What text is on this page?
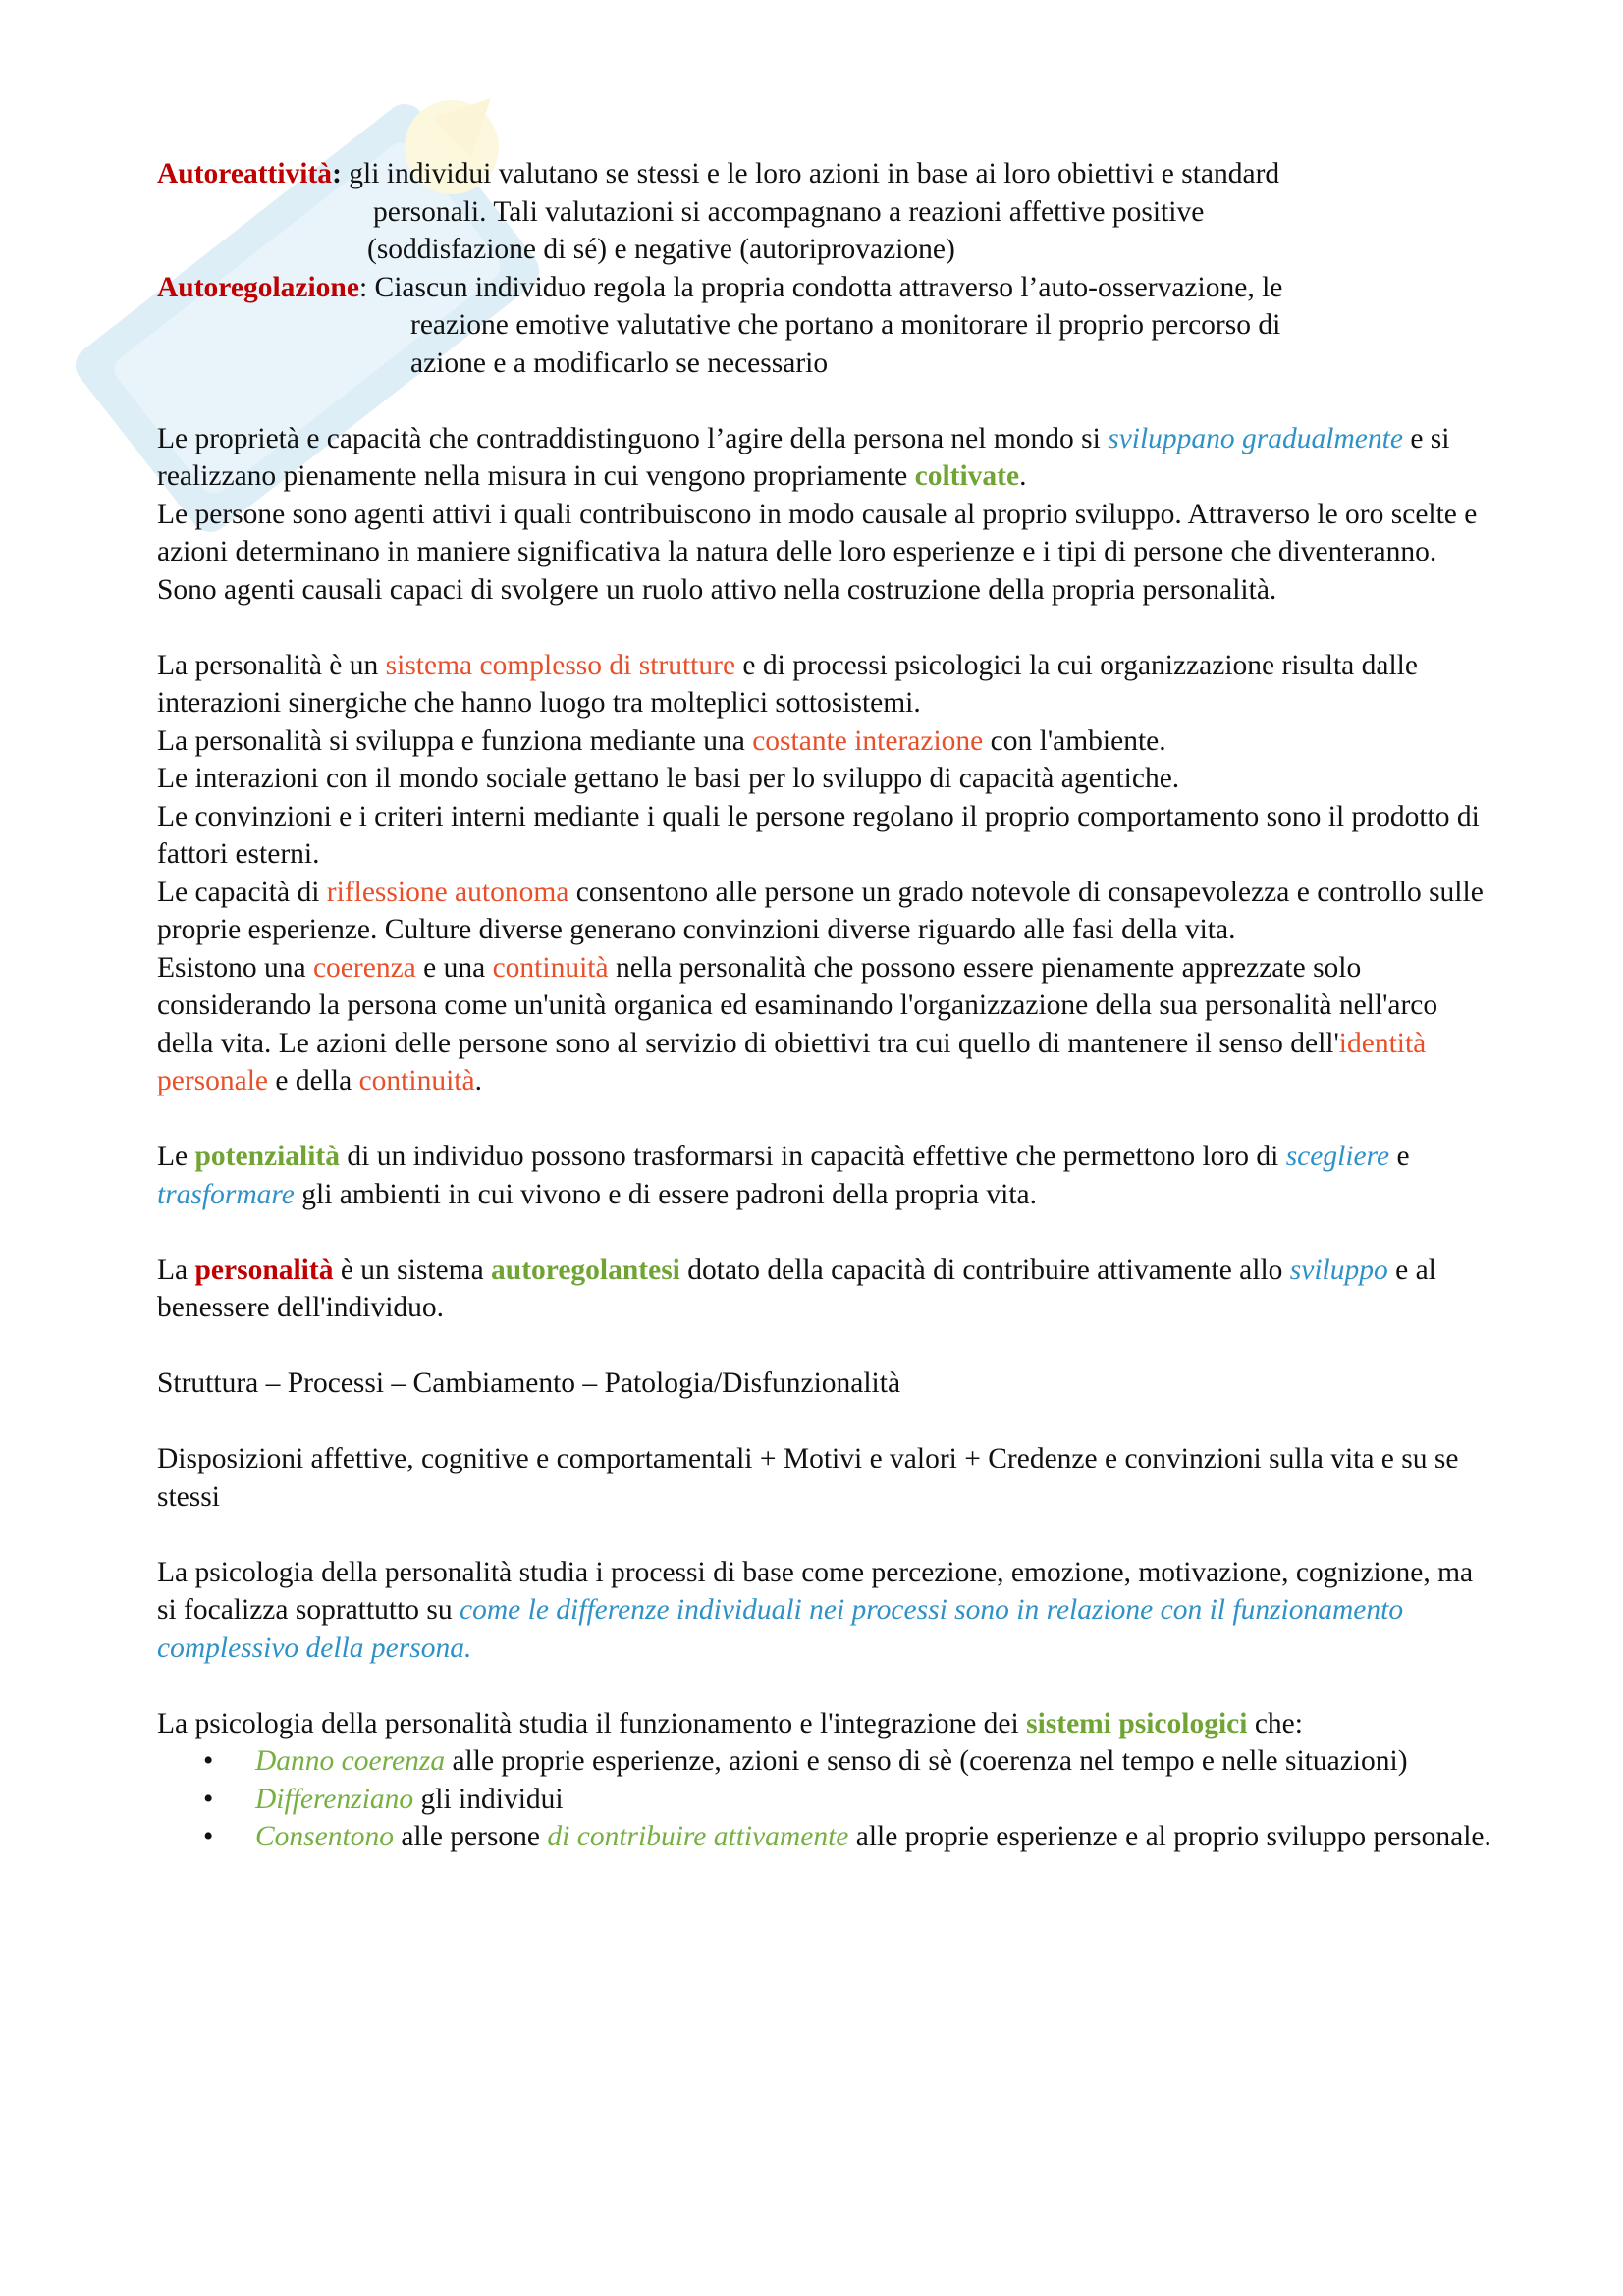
Autoreattività: gli individui valutano se stessi e le loro azioni in base ai loro obiettivi e standard

personali. Tali valutazioni si accompagnano a reazioni affettive positive

(soddisfazione di sé) e negative (autoriprovazione)

Autoregolazione: Ciascun individuo regola la propria condotta attraverso l’auto-osservazione, le

reazione emotive valutative che portano a monitorare il proprio percorso di

azione e a modificarlo se necessario

Le proprietà e capacità che contraddistinguono l’agire della persona nel mondo si sviluppano gradualmente e si realizzano pienamente nella misura in cui vengono propriamente coltivate.

Le persone sono agenti attivi i quali contribuiscono in modo causale al proprio sviluppo. Attraverso le oro scelte e azioni determinano in maniere significativa la natura delle loro esperienze e i tipi di persone che diventeranno. Sono agenti causali capaci di svolgere un ruolo attivo nella costruzione della propria personalità.

La personalità è un sistema complesso di strutture e di processi psicologici la cui organizzazione risulta dalle interazioni sinergiche che hanno luogo tra molteplici sottosistemi.

La personalità si sviluppa e funziona mediante una costante interazione con l'ambiente.

Le interazioni con il mondo sociale gettano le basi per lo sviluppo di capacità agentiche.

Le convinzioni e i criteri interni mediante i quali le persone regolano il proprio comportamento sono il prodotto di fattori esterni.

Le capacità di riflessione autonoma consentono alle persone un grado notevole di consapevolezza e controllo sulle proprie esperienze. Culture diverse generano convinzioni diverse riguardo alle fasi della vita.

Esistono una coerenza e una continuità nella personalità che possono essere pienamente apprezzate solo considerando la persona come un'unità organica ed esaminando l'organizzazione della sua personalità nell'arco della vita. Le azioni delle persone sono al servizio di obiettivi tra cui quello di mantenere il senso dell'identità personale e della continuità.

Le potenzialità di un individuo possono trasformarsi in capacità effettive che permettono loro di scegliere e trasformare gli ambienti in cui vivono e di essere padroni della propria vita.

La personalità è un sistema autoregolantesi dotato della capacità di contribuire attivamente allo sviluppo e al benessere dell'individuo.

Struttura – Processi – Cambiamento – Patologia/Disfunzionalità

Disposizioni affettive, cognitive e comportamentali + Motivi e valori + Credenze e convinzioni sulla vita e su se stessi

La psicologia della personalità studia i processi di base come percezione, emozione, motivazione, cognizione, ma si focalizza soprattutto su come le differenze individuali nei processi sono in relazione con il funzionamento complessivo della persona.

La psicologia della personalità studia il funzionamento e l'integrazione dei sistemi psicologici che:

• Danno coerenza alle proprie esperienze, azioni e senso di sè (coerenza nel tempo e nelle situazioni)
• Differenziano gli individui
• Consentono alle persone di contribuire attivamente alle proprie esperienze e al proprio sviluppo personale.
